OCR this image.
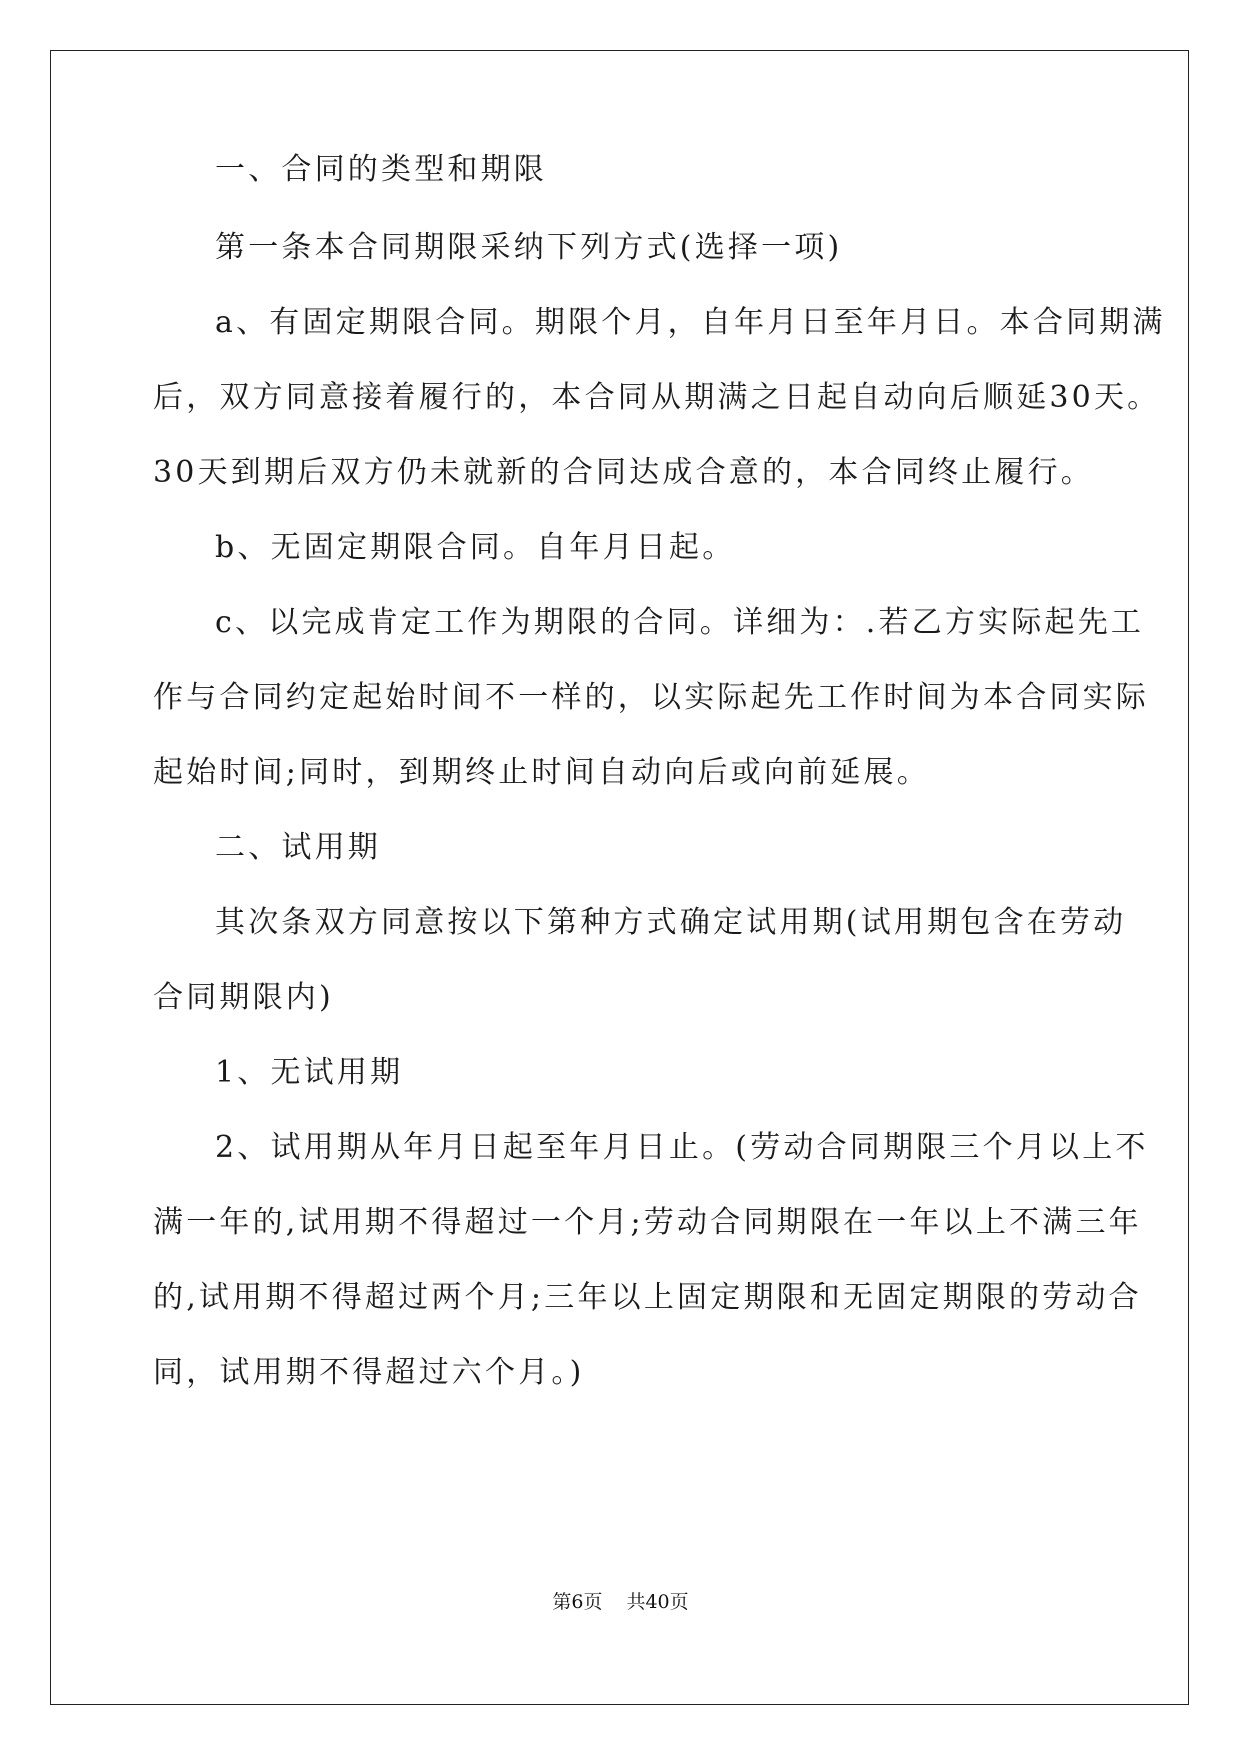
一、合同的类型和期限
第一条本合同期限采纳下列方式(选择一项)
a、有固定期限合同。期限个月，自年月日至年月日。本合同期满
后，双方同意接着履行的，本合同从期满之日起自动向后顺延30天。
30天到期后双方仍未就新的合同达成合意的，本合同终止履行。
b、无固定期限合同。自年月日起。
c、以完成肯定工作为期限的合同。详细为：.若乙方实际起先工
作与合同约定起始时间不一样的，以实际起先工作时间为本合同实际
起始时间;同时，到期终止时间自动向后或向前延展。
二、试用期
其次条双方同意按以下第种方式确定试用期(试用期包含在劳动
合同期限内)
1、无试用期
2、试用期从年月日起至年月日止。(劳动合同期限三个月以上不
满一年的,试用期不得超过一个月;劳动合同期限在一年以上不满三年
的,试用期不得超过两个月;三年以上固定期限和无固定期限的劳动合
同，试用期不得超过六个月。)
第6页 共40页
